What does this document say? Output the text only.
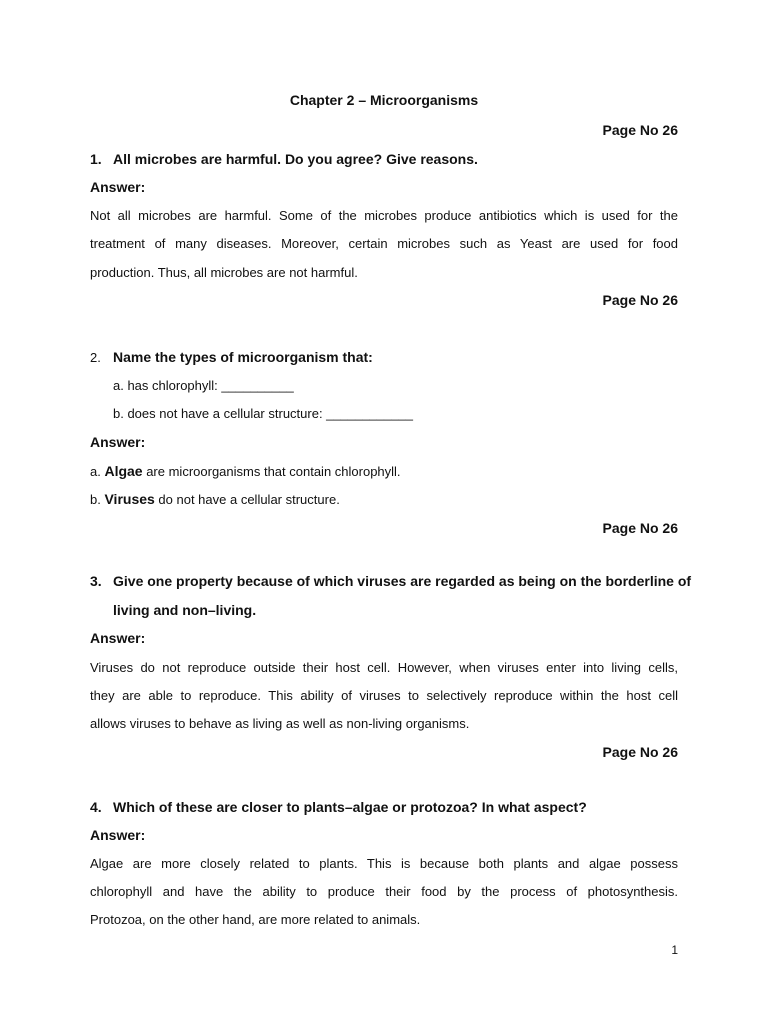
Chapter 2 – Microorganisms
Page No 26
1. All microbes are harmful. Do you agree? Give reasons.
Answer:
Not all microbes are harmful. Some of the microbes produce antibiotics which is used for the
treatment of many diseases. Moreover, certain microbes such as Yeast are used for food
production. Thus, all microbes are not harmful.
Page No 26
2. Name the types of microorganism that:
a. has chlorophyll: __________
b. does not have a cellular structure: ____________
Answer:
a. Algae are microorganisms that contain chlorophyll.
b. Viruses do not have a cellular structure.
Page No 26
3. Give one property because of which viruses are regarded as being on the borderline of
living and non–living.
Answer:
Viruses do not reproduce outside their host cell. However, when viruses enter into living cells,
they are able to reproduce. This ability of viruses to selectively reproduce within the host cell
allows viruses to behave as living as well as non-living organisms.
Page No 26
4. Which of these are closer to plants–algae or protozoa? In what aspect?
Answer:
Algae are more closely related to plants. This is because both plants and algae possess
chlorophyll and have the ability to produce their food by the process of photosynthesis.
Protozoa, on the other hand, are more related to animals.
1
